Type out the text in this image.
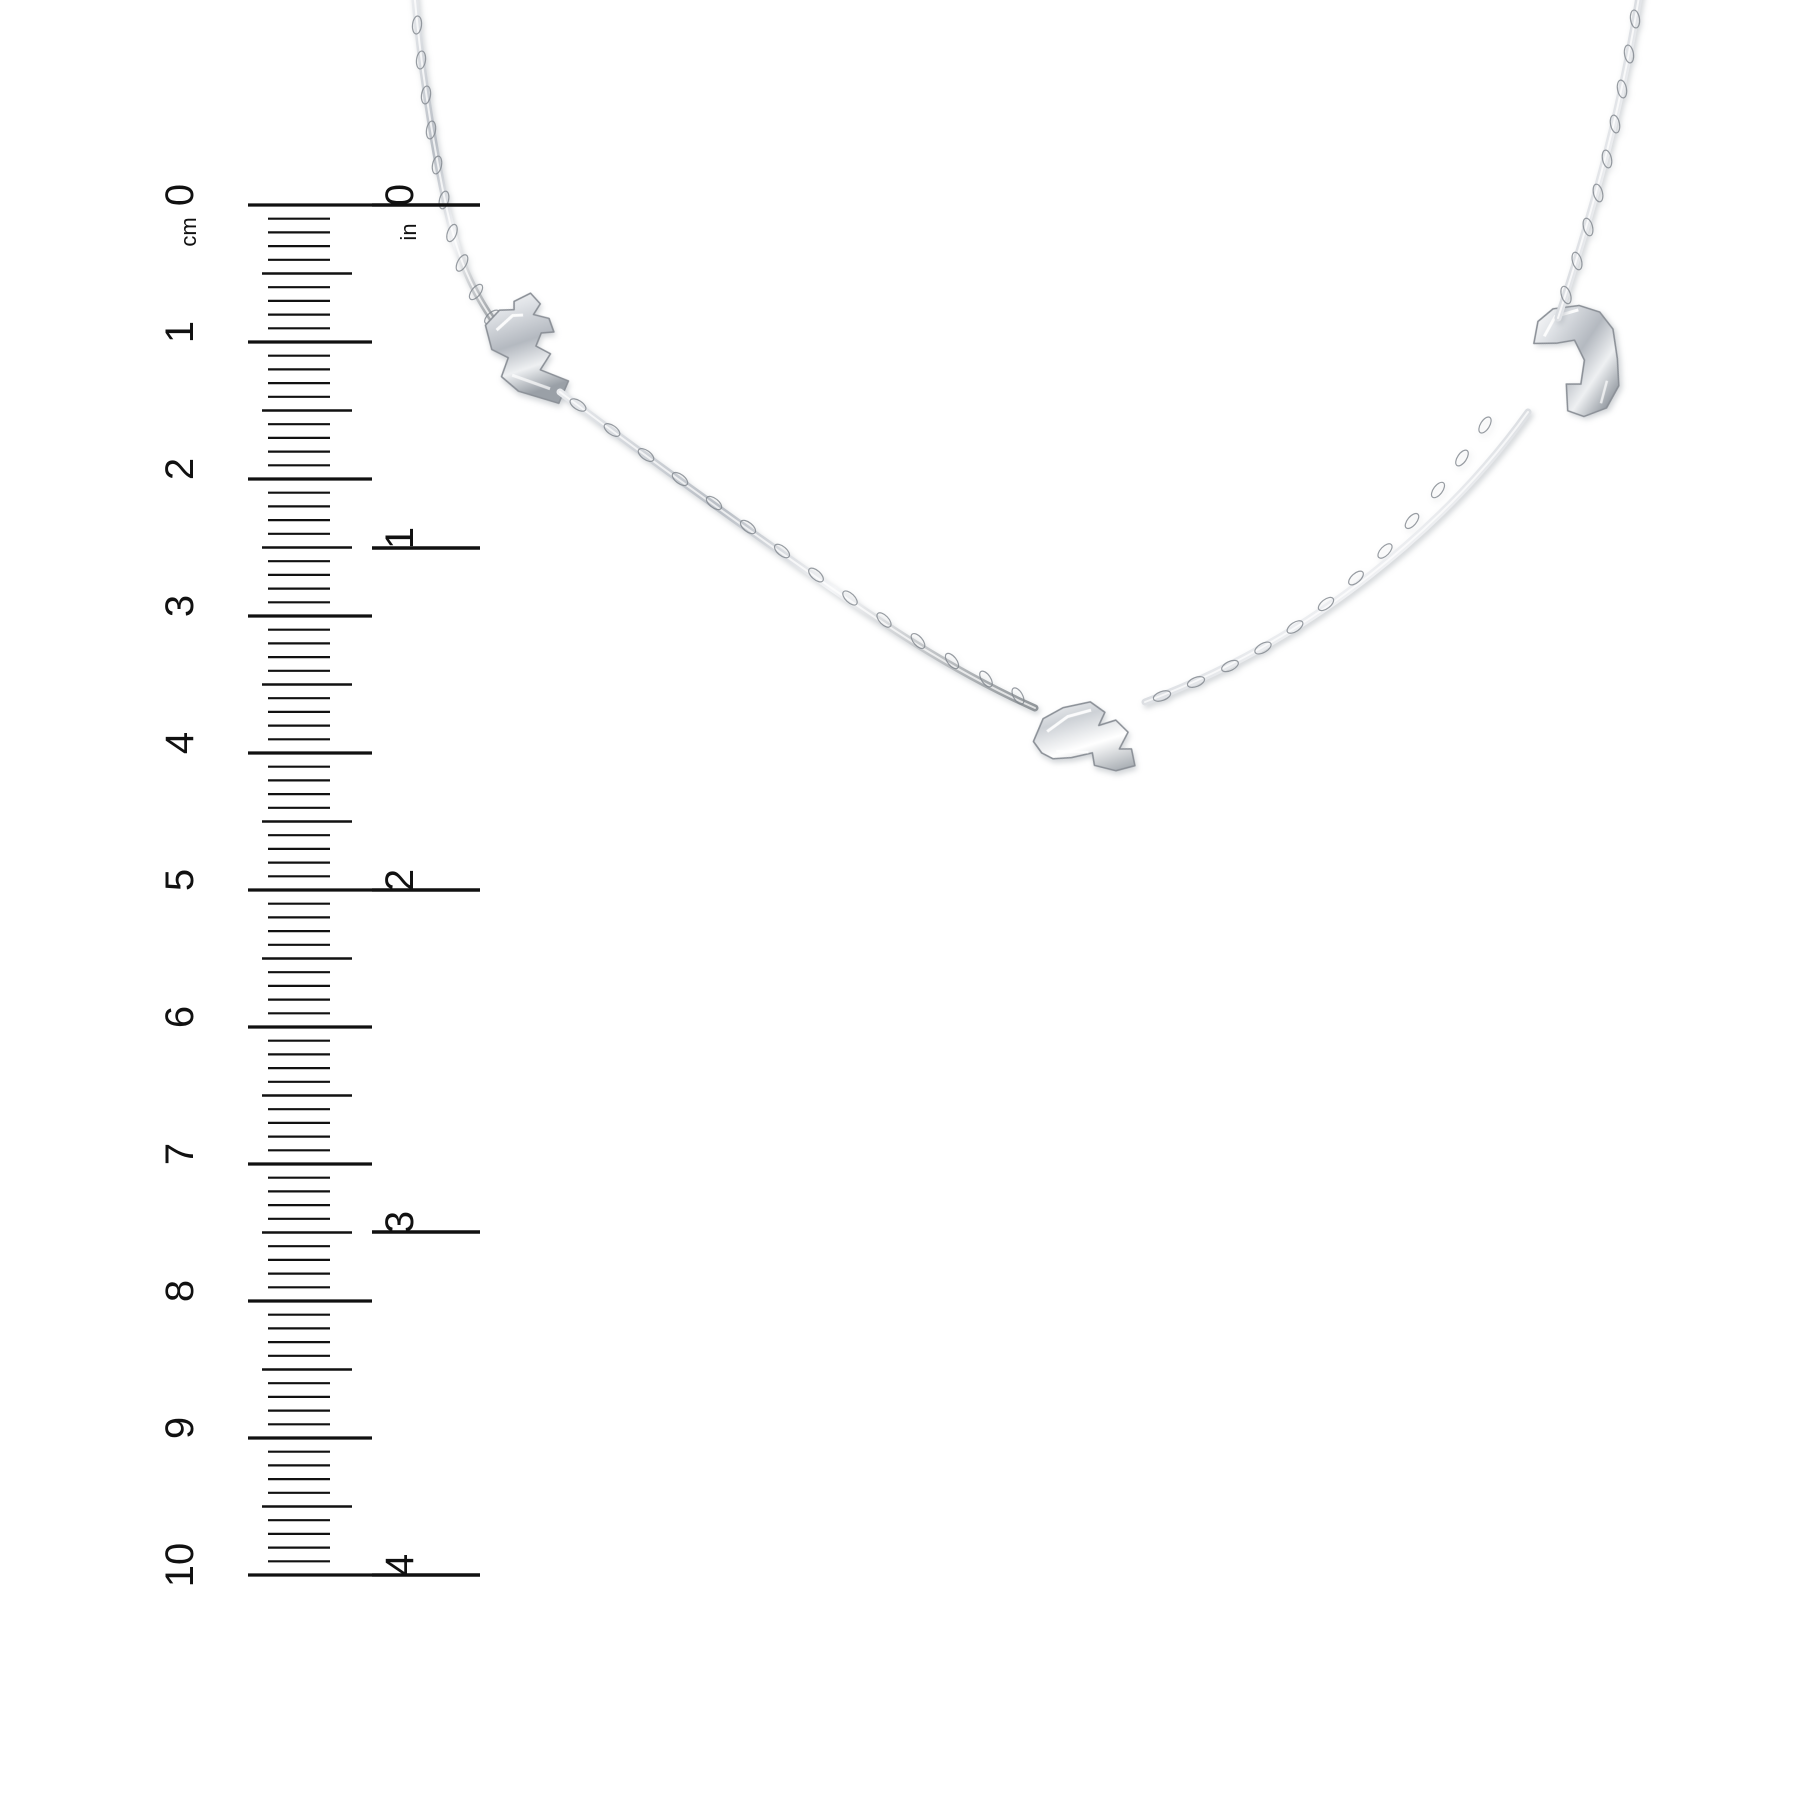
0
cm
1
2
3
4
5
6
7
8
9
10
0
in
1
2
3
4
